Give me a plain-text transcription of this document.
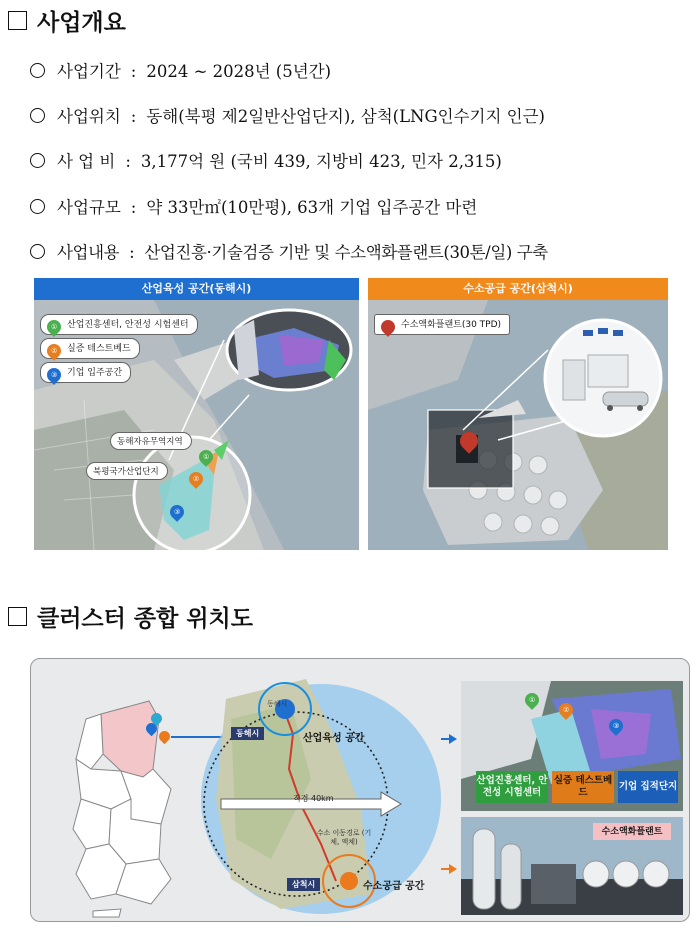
사업개요
사업기간 : 2024 ~ 2028년 (5년간)
사업위치 : 동해(북평 제2일반산업단지), 삼척(LNG인수기지 인근)
사 업 비 : 3,177억 원 (국비 439, 지방비 423, 민자 2,315)
사업규모 : 약 33만㎡(10만평), 63개 기업 입주공간 마련
사업내용 : 산업진흥·기술검증 기반 및 수소액화플랜트(30톤/일) 구축
산업육성 공간(동해시)
① 산업진흥센터, 안전성 시험센터
② 실증 테스트베드
③ 기업 입주공간
동해자유무역지역
북평국가산업단지
①
②
③
수소공급 공간(삼척시)
수소액화플랜트(30 TPD)
클러스터 종합 위치도
동해시
동해시
산업육성 공간
삼척시	수소공급 공간
직경 40km
수소 이동경로 (기체, 액체)
①
②
③
산업진흥센터, 안전성 시험센터
실증 테스트베드
기업 집적단지
수소액화플랜트
